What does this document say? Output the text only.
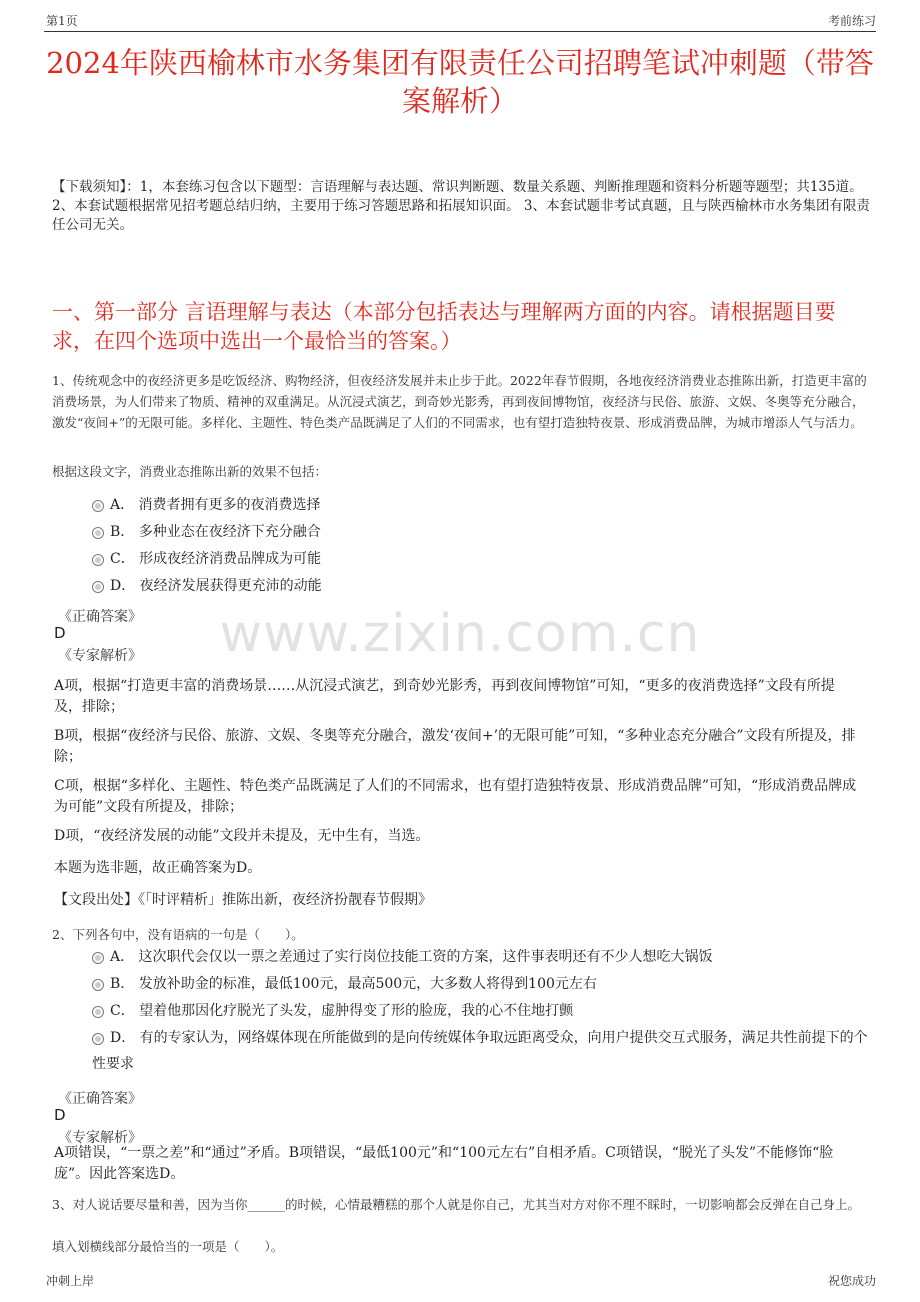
第1页	考前练习
2024年陕西榆林市水务集团有限责任公司招聘笔试冲刺题（带答案解析）
【下载须知】：1，本套练习包含以下题型：言语理解与表达题、常识判断题、数量关系题、判断推理题和资料分析题等题型；共135道。 2、本套试题根据常见招考题总结归纳，主要用于练习答题思路和拓展知识面。 3、本套试题非考试真题，且与陕西榆林市水务集团有限责任公司无关。
一、第一部分 言语理解与表达（本部分包括表达与理解两方面的内容。请根据题目要求，在四个选项中选出一个最恰当的答案。）
1、传统观念中的夜经济更多是吃饭经济、购物经济，但夜经济发展并未止步于此。2022年春节假期，各地夜经济消费业态推陈出新，打造更丰富的消费场景，为人们带来了物质、精神的双重满足。从沉浸式演艺，到奇妙光影秀，再到夜间博物馆，夜经济与民俗、旅游、文娱、冬奥等充分融合，激发“夜间+”的无限可能。多样化、主题性、特色类产品既满足了人们的不同需求，也有望打造独特夜景、形成消费品牌，为城市增添人气与活力。
根据这段文字，消费业态推陈出新的效果不包括：
A． 消费者拥有更多的夜消费选择
B． 多种业态在夜经济下充分融合
C． 形成夜经济消费品牌成为可能
D． 夜经济发展获得更充沛的动能
《正确答案》
D
《专家解析》	www.zixin.com.cn
A项，根据“打造更丰富的消费场景……从沉浸式演艺，到奇妙光影秀，再到夜间博物馆”可知，“更多的夜消费选择”文段有所提及，排除；
B项，根据“夜经济与民俗、旅游、文娱、冬奥等充分融合，激发‘夜间+’的无限可能”可知，“多种业态充分融合”文段有所提及，排除；
C项，根据“多样化、主题性、特色类产品既满足了人们的不同需求，也有望打造独特夜景、形成消费品牌”可知，“形成消费品牌成为可能”文段有所提及，排除；
D项，“夜经济发展的动能”文段并未提及，无中生有，当选。
本题为选非题，故正确答案为D。
【文段出处】《「时评精析」推陈出新，夜经济扮靓春节假期》
2、下列各句中，没有语病的一句是（　　）。
A． 这次职代会仅以一票之差通过了实行岗位技能工资的方案，这件事表明还有不少人想吃大锅饭
B． 发放补助金的标准，最低100元，最高500元，大多数人将得到100元左右
C． 望着他那因化疗脱光了头发，虚肿得变了形的脸庞，我的心不住地打颤
D． 有的专家认为，网络媒体现在所能做到的是向传统媒体争取远距离受众，向用户提供交互式服务，满足共性前提下的个性要求
《正确答案》
D
《专家解析》
A项错误，“一票之差”和“通过”矛盾。B项错误，“最低100元”和“100元左右”自相矛盾。C项错误，“脱光了头发”不能修饰“脸庞”。因此答案选D。
3、对人说话要尽量和善，因为当你______的时候，心情最糟糕的那个人就是你自己，尤其当对方对你不理不睬时，一切影响都会反弹在自己身上。
填入划横线部分最恰当的一项是（　　）。
冲刺上岸	祝您成功
